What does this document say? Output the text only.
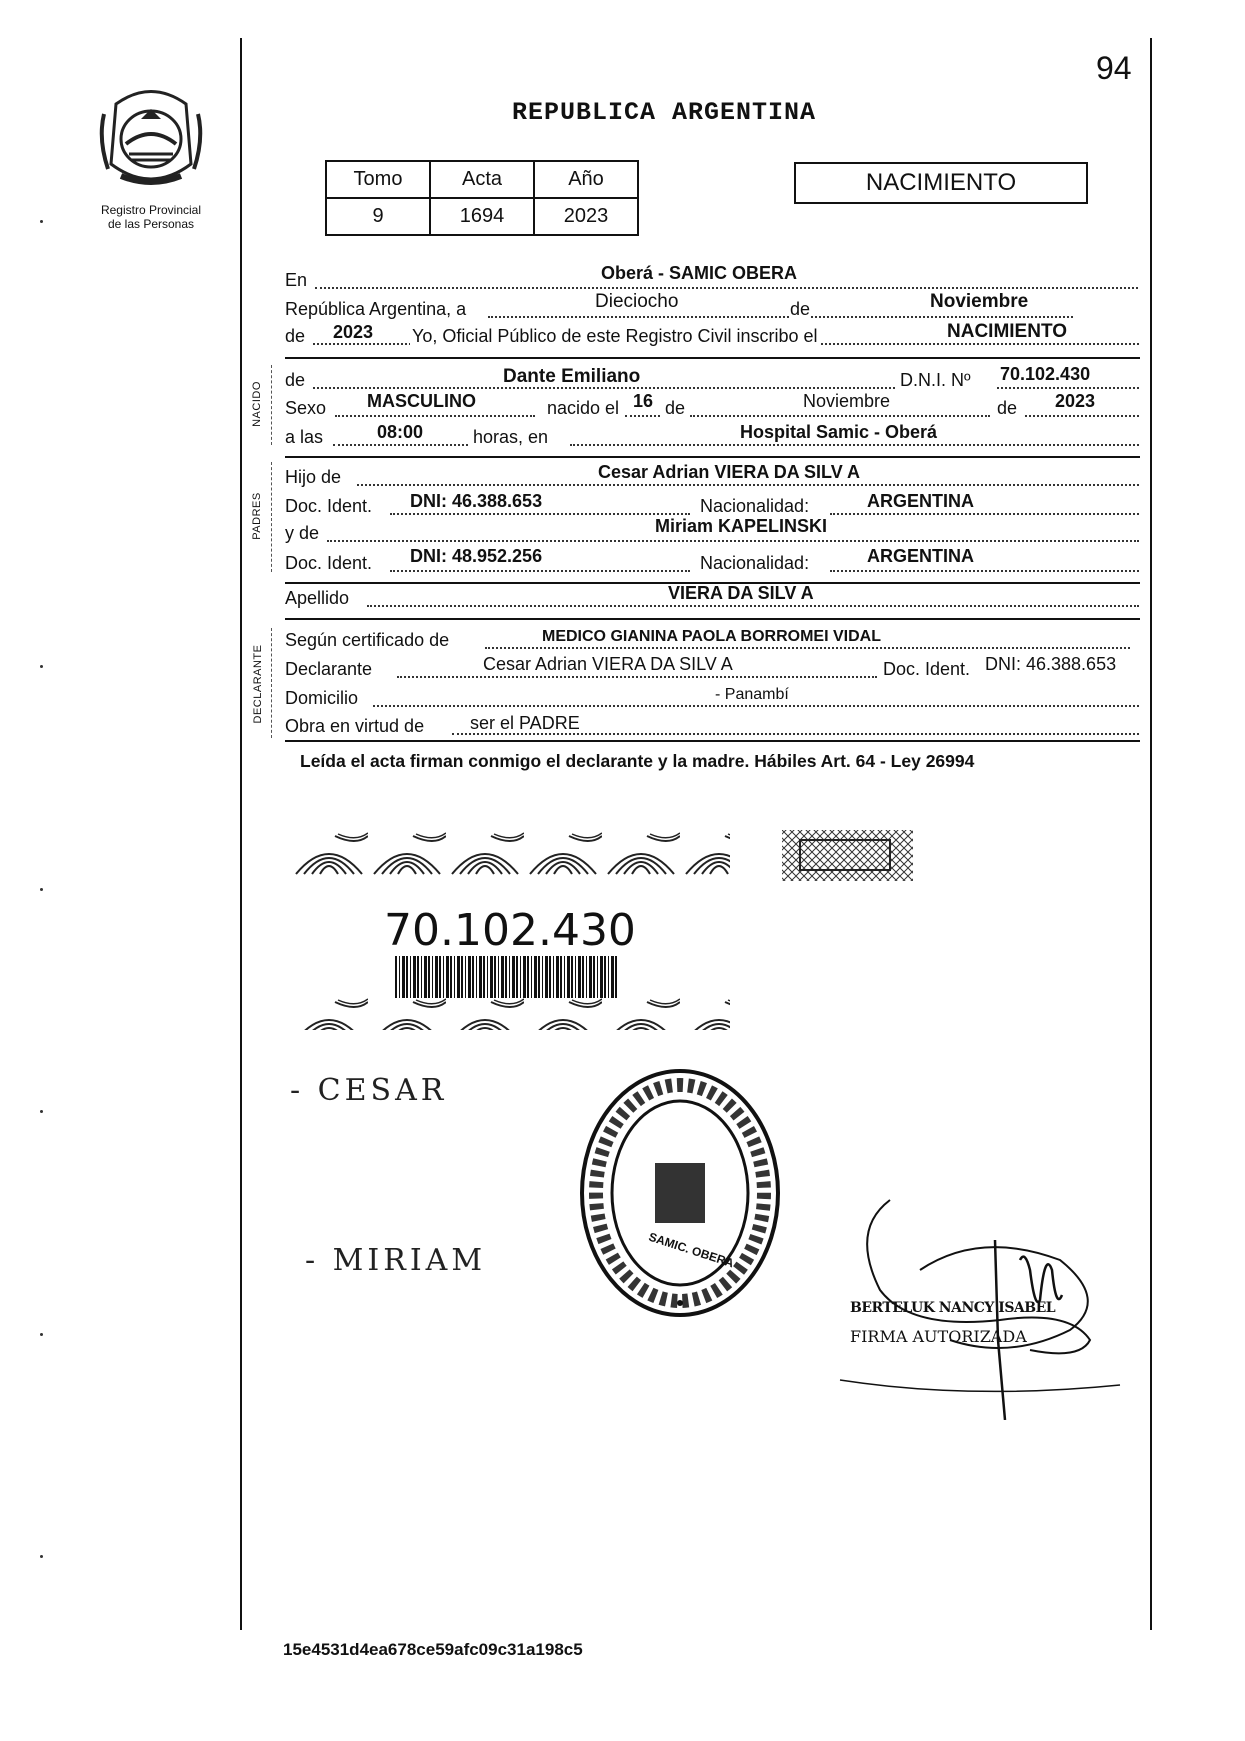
Registro Provincial
de las Personas
94
REPUBLICA ARGENTINA
Tomo	Acta	Año
9	1694	2023
NACIMIENTO
En	Oberá - SAMIC OBERA
República Argentina, a	Dieciocho	de	Noviembre
de 2023 Yo, Oficial Público de este Registro Civil inscribo el	NACIMIENTO
NACIDO
de	Dante Emiliano	D.N.I. Nº 70.102.430
Sexo MASCULINO	nacido el 16 de	Noviembre	de 2023
a las	08:00	horas, en	Hospital Samic - Oberá
PADRES
Hijo de	Cesar Adrian VIERA DA SILV A
Doc. Ident. DNI: 46.388.653	Nacionalidad:	ARGENTINA
y de	Miriam KAPELINSKI
Doc. Ident. DNI: 48.952.256	Nacionalidad:	ARGENTINA
Apellido	VIERA DA SILV A
DECLARANTE
Según certificado de	MEDICO GIANINA PAOLA BORROMEI VIDAL
Declarante	Cesar Adrian VIERA DA SILV A	Doc. Ident. DNI: 46.388.653
Domicilio	- Panambí
Obra en virtud de	ser el PADRE
Leída el acta firman conmigo el declarante y la madre. Hábiles Art. 64 - Ley 26994
70.102.430
- CESAR
- MIRIAM	SAMIC. OBERA
BERTELUK NANCY ISABEL
FIRMA AUTORIZADA
15e4531d4ea678ce59afc09c31a198c5
